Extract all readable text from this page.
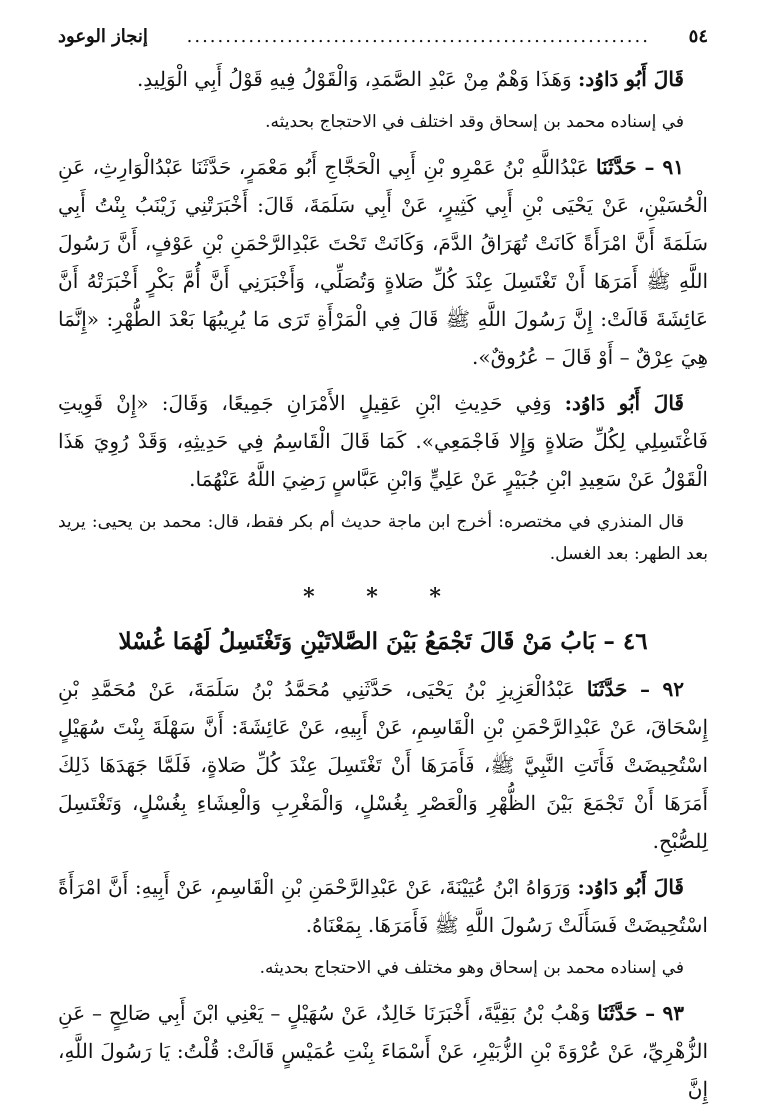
٥٤
............................................................
إنجاز الوعود

قَالَ أَبُو دَاوُد: وَهَذَا وَهْمٌ مِنْ عَبْدِ الصَّمَدِ، وَالْقَوْلُ فِيهِ قَوْلُ أَبِي الْوَلِيدِ.

في إسناده محمد بن إسحاق وقد اختلف في الاحتجاج بحديثه.

٩١ – حَدَّثَنَا عَبْدُاللَّهِ بْنُ عَمْرِو بْنِ أَبِي الْحَجَّاجِ أَبُو مَعْمَرٍ، حَدَّثَنَا عَبْدُالْوَارِثِ، عَنِ الْحُسَيْنِ، عَنْ يَحْيَى بْنِ أَبِي كَثِيرٍ، عَنْ أَبِي سَلَمَةَ، قَالَ: أَخْبَرَتْنِي زَيْنَبُ بِنْتُ أَبِي سَلَمَةَ أَنَّ امْرَأَةً كَانَتْ تُهَرَاقُ الدَّمَ، وَكَانَتْ تَحْتَ عَبْدِالرَّحْمَنِ بْنِ عَوْفٍ، أَنَّ رَسُولَ اللَّهِ ﷺ أَمَرَهَا أَنْ تَغْتَسِلَ عِنْدَ كُلِّ صَلاةٍ وَتُصَلِّي، وَأَخْبَرَنِي أَنَّ أُمَّ بَكْرٍ أَخْبَرَتْهُ أَنَّ عَائِشَةَ قَالَتْ: إِنَّ رَسُولَ اللَّهِ ﷺ قَالَ فِي الْمَرْأَةِ تَرَى مَا يُرِيبُهَا بَعْدَ الطُّهْرِ: «إِنَّمَا هِيَ عِرْقٌ – أَوْ قَالَ – عُرُوقٌ».

قَالَ أَبُو دَاوُد: وَفِي حَدِيثِ ابْنِ عَقِيلٍ الأَمْرَانِ جَمِيعًا، وَقَالَ: «إِنْ قَوِيتِ فَاغْتَسِلِي لِكُلِّ صَلاةٍ وَإِلا فَاجْمَعِي». كَمَا قَالَ الْقَاسِمُ فِي حَدِيثِهِ، وَقَدْ رُوِيَ هَذَا الْقَوْلُ عَنْ سَعِيدِ ابْنِ جُبَيْرٍ عَنْ عَلِيٍّ وَابْنِ عَبَّاسٍ رَضِيَ اللَّهُ عَنْهُمَا.

قال المنذري في مختصره: أخرج ابن ماجة حديث أم بكر فقط، قال: محمد بن يحيى: يريد بعد الطهر: بعد الغسل.

* * *
٤٦ – بَابُ مَنْ قَالَ تَجْمَعُ بَيْنَ الصَّلاتَيْنِ وَتَغْتَسِلُ لَهُمَا غُسْلا

٩٢ – حَدَّثَنَا عَبْدُالْعَزِيزِ بْنُ يَحْيَى، حَدَّثَنِي مُحَمَّدُ بْنُ سَلَمَةَ، عَنْ مُحَمَّدِ بْنِ إِسْحَاقَ، عَنْ عَبْدِالرَّحْمَنِ بْنِ الْقَاسِمِ، عَنْ أَبِيهِ، عَنْ عَائِشَةَ: أَنَّ سَهْلَةَ بِنْتَ سُهَيْلٍ اسْتُحِيضَتْ فَأَتَتِ النَّبِيَّ ﷺ، فَأَمَرَهَا أَنْ تَغْتَسِلَ عِنْدَ كُلِّ صَلاةٍ، فَلَمَّا جَهَدَهَا ذَلِكَ أَمَرَهَا أَنْ تَجْمَعَ بَيْنَ الظُّهْرِ وَالْعَصْرِ بِغُسْلٍ، وَالْمَغْرِبِ وَالْعِشَاءِ بِغُسْلٍ، وَتَغْتَسِلَ لِلصُّبْحِ.

قَالَ أَبُو دَاوُد: وَرَوَاهُ ابْنُ عُيَيْنَةَ، عَنْ عَبْدِالرَّحْمَنِ بْنِ الْقَاسِمِ، عَنْ أَبِيهِ: أَنَّ امْرَأَةً اسْتُحِيضَتْ فَسَأَلَتْ رَسُولَ اللَّهِ ﷺ فَأَمَرَهَا. بِمَعْنَاهُ.

في إسناده محمد بن إسحاق وهو مختلف في الاحتجاج بحديثه.

٩٣ – حَدَّثَنَا وَهْبُ بْنُ بَقِيَّةَ، أَخْبَرَنَا خَالِدٌ، عَنْ سُهَيْلٍ – يَعْنِي ابْنَ أَبِي صَالِحٍ – عَنِ الزُّهْرِيِّ، عَنْ عُرْوَةَ بْنِ الزُّبَيْرِ، عَنْ أَسْمَاءَ بِنْتِ عُمَيْسٍ قَالَتْ: قُلْتُ: يَا رَسُولَ اللَّهِ، إِنَّ
